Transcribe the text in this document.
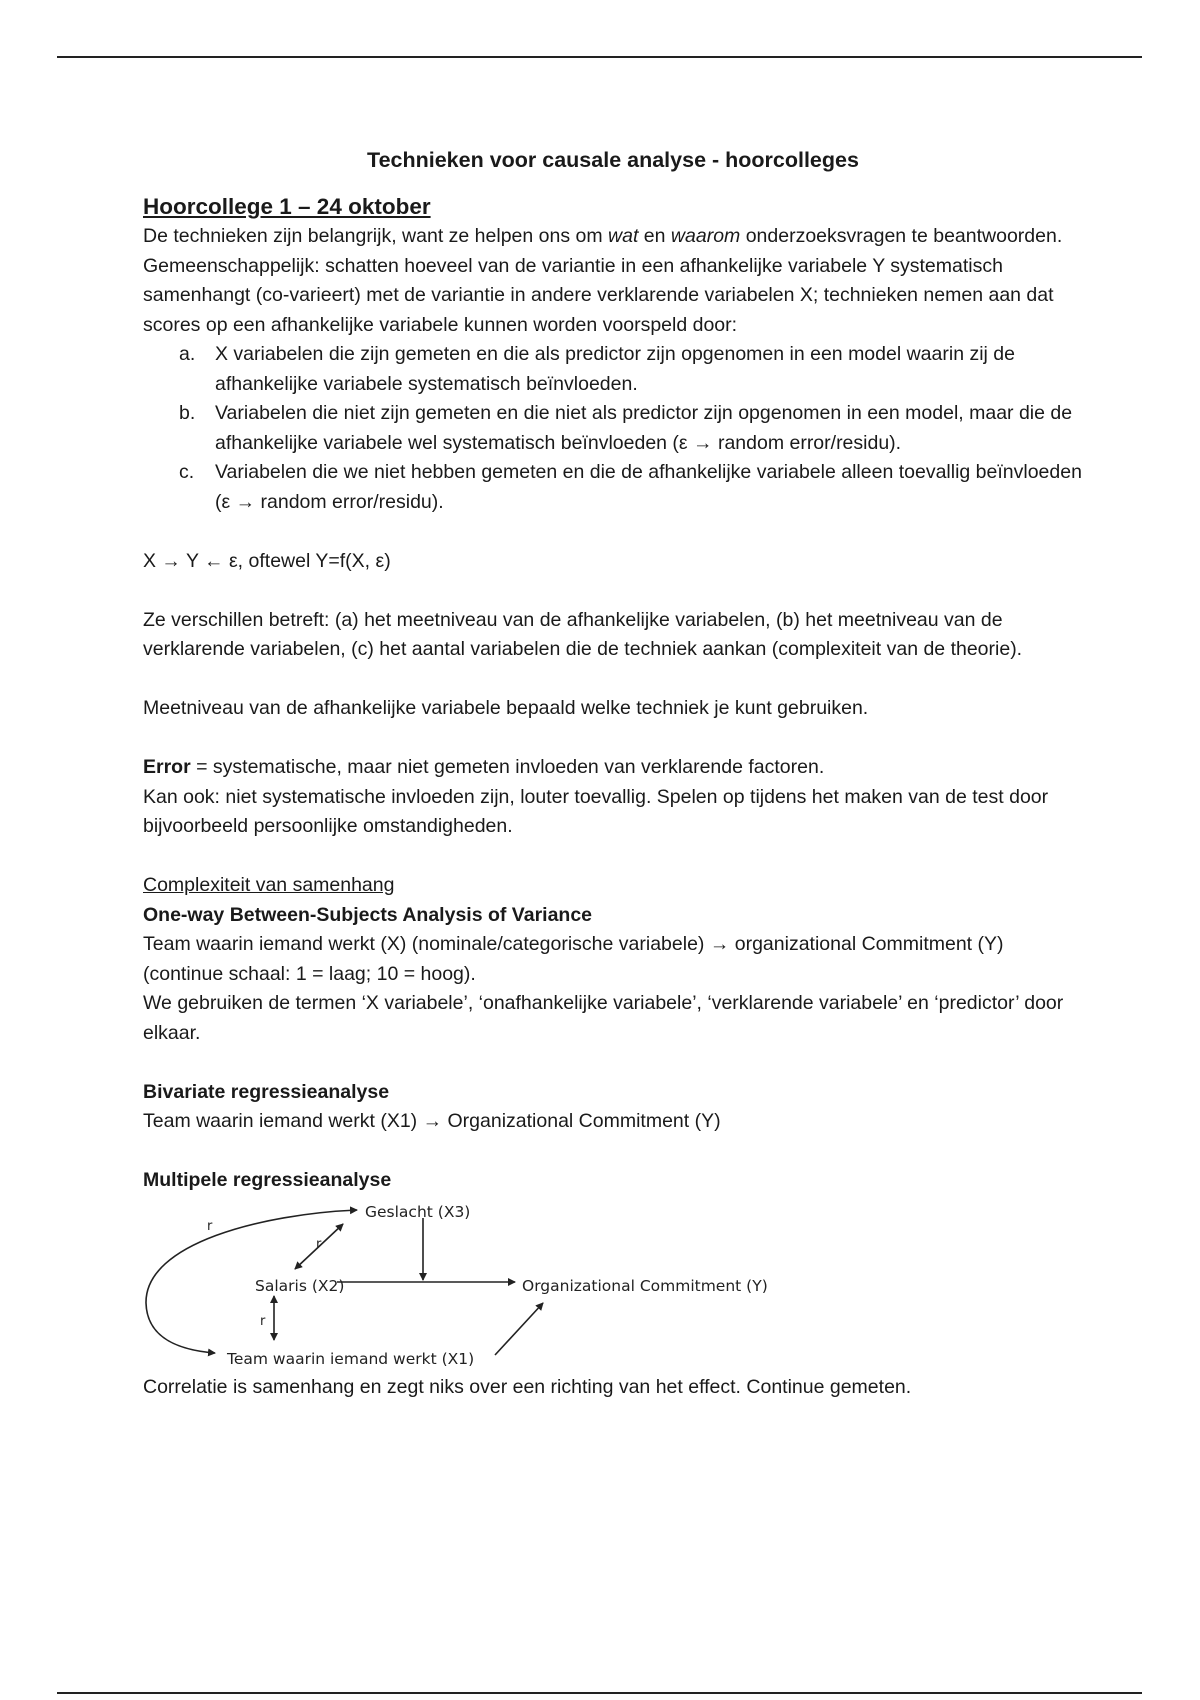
Technieken voor causale analyse - hoorcolleges

Hoorcollege 1 – 24 oktober

De technieken zijn belangrijk, want ze helpen ons om wat en waarom onderzoeksvragen te beantwoorden.

Gemeenschappelijk: schatten hoeveel van de variantie in een afhankelijke variabele Y systematisch samenhangt (co-varieert) met de variantie in andere verklarende variabelen X; technieken nemen aan dat scores op een afhankelijke variabele kunnen worden voorspeld door:

a.	X variabelen die zijn gemeten en die als predictor zijn opgenomen in een model waarin zij de afhankelijke variabele systematisch beïnvloeden.
b.	Variabelen die niet zijn gemeten en die niet als predictor zijn opgenomen in een model, maar die de afhankelijke variabele wel systematisch beïnvloeden (ε → random error/residu).
c.	Variabelen die we niet hebben gemeten en die de afhankelijke variabele alleen toevallig beïnvloeden (ε → random error/residu).

X → Y ← ε, oftewel Y=f(X, ε)

Ze verschillen betreft: (a) het meetniveau van de afhankelijke variabelen, (b) het meetniveau van de verklarende variabelen, (c) het aantal variabelen die de techniek aankan (complexiteit van de theorie).

Meetniveau van de afhankelijke variabele bepaald welke techniek je kunt gebruiken.

Error = systematische, maar niet gemeten invloeden van verklarende factoren.

Kan ook: niet systematische invloeden zijn, louter toevallig. Spelen op tijdens het maken van de test door bijvoorbeeld persoonlijke omstandigheden.

Complexiteit van samenhang

One-way Between-Subjects Analysis of Variance

Team waarin iemand werkt (X) (nominale/categorische variabele) → organizational Commitment (Y) (continue schaal: 1 = laag; 10 = hoog).

We gebruiken de termen ‘X variabele’, ‘onafhankelijke variabele’, ‘verklarende variabele’ en ‘predictor’ door elkaar.

Bivariate regressieanalyse

Team waarin iemand werkt (X1) → Organizational Commitment (Y)

Multipele regressieanalyse

Geslacht (X3)
Salaris (X2)
Team waarin iemand werkt (X1)
Organizational Commitment (Y)
r
r
r

Correlatie is samenhang en zegt niks over een richting van het effect. Continue gemeten.
